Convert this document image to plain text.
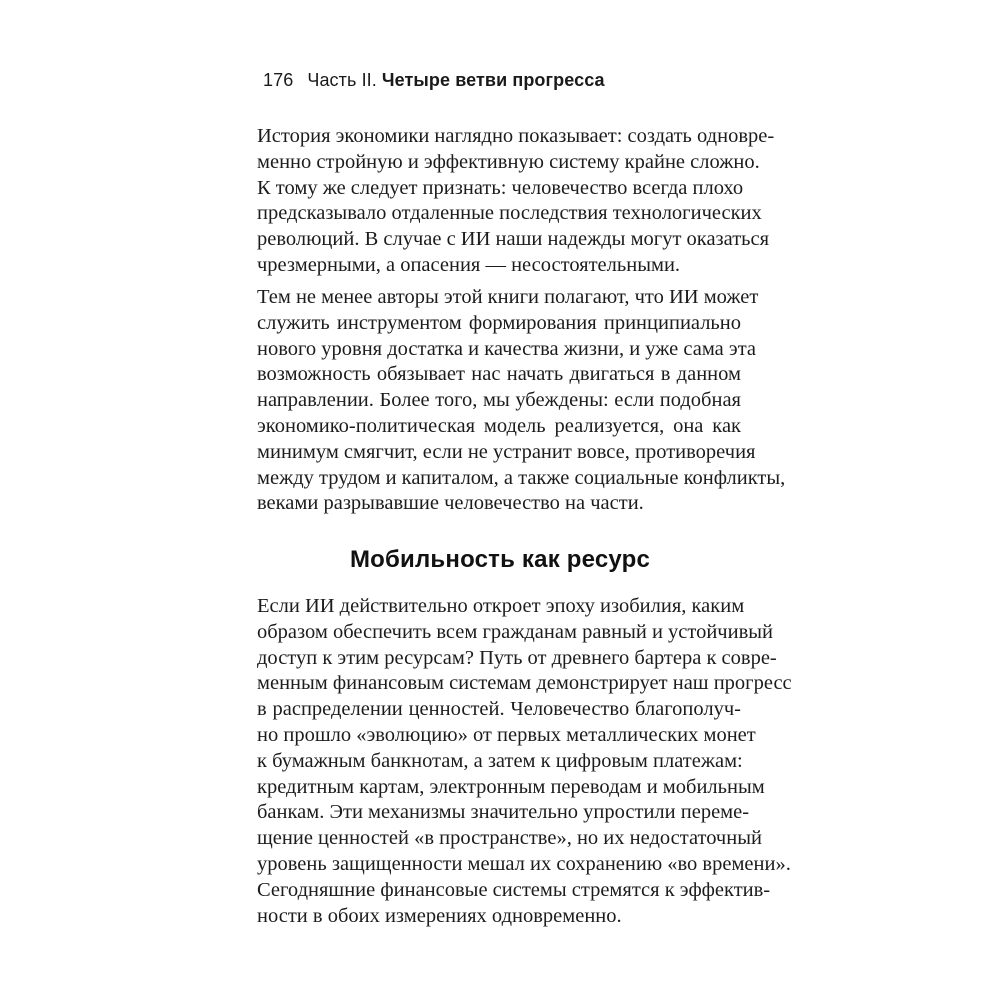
176 Часть II. Четыре ветви прогресса
История экономики наглядно показывает: создать одновре-
менно стройную и эффективную систему крайне сложно.
К тому же следует признать: человечество всегда плохо
предсказывало отдаленные последствия технологических
революций. В случае с ИИ наши надежды могут оказаться
чрезмерными, а опасения — несостоятельными.
Тем не менее авторы этой книги полагают, что ИИ может
служить инструментом формирования принципиально
нового уровня достатка и качества жизни, и уже сама эта
возможность обязывает нас начать двигаться в данном
направлении. Более того, мы убеждены: если подобная
экономико-политическая модель реализуется, она как
минимум смягчит, если не устранит вовсе, противоречия
между трудом и капиталом, а также социальные конфликты,
веками разрывавшие человечество на части.
Мобильность как ресурс
Если ИИ действительно откроет эпоху изобилия, каким
образом обеспечить всем гражданам равный и устойчивый
доступ к этим ресурсам? Путь от древнего бартера к совре-
менным финансовым системам демонстрирует наш прогресс
в распределении ценностей. Человечество благополуч-
но прошло «эволюцию» от первых металлических монет
к бумажным банкнотам, а затем к цифровым платежам:
кредитным картам, электронным переводам и мобильным
банкам. Эти механизмы значительно упростили переме-
щение ценностей «в пространстве», но их недостаточный
уровень защищенности мешал их сохранению «во времени».
Сегодняшние финансовые системы стремятся к эффектив-
ности в обоих измерениях одновременно.
